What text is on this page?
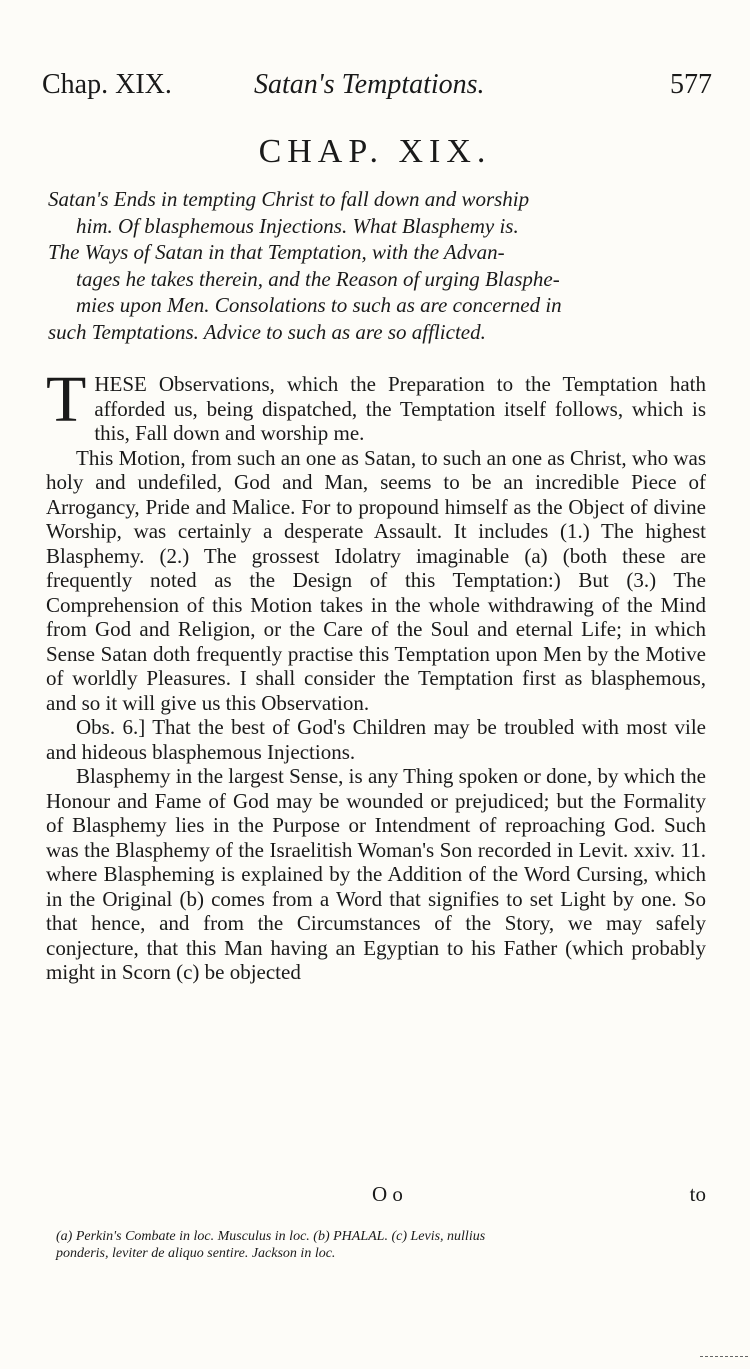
Chap. XIX.	Satan's Temptations.	577
CHAP. XIX.
Satan's Ends in tempting Christ to fall down and worship
him. Of blasphemous Injections. What Blasphemy is.
The Ways of Satan in that Temptation, with the Advan-
tages he takes therein, and the Reason of urging Blasphe-
mies upon Men. Consolations to such as are concerned in
such Temptations. Advice to such as are so afflicted.

T HESE Observations, which the Preparation to the Temptation hath afforded us, being dispatched, the Temptation itself follows, which is this, Fall down and worship me.

This Motion, from such an one as Satan, to such an one as Christ, who was holy and undefiled, God and Man, seems to be an incredible Piece of Arrogancy, Pride and Malice. For to propound himself as the Object of divine Worship, was certainly a desperate Assault. It includes (1.) The highest Blasphemy. (2.) The grossest Idolatry imaginable (a) (both these are frequently noted as the Design of this Temptation:) But (3.) The Comprehension of this Motion takes in the whole withdrawing of the Mind from God and Religion, or the Care of the Soul and eternal Life; in which Sense Satan doth frequently practise this Temptation upon Men by the Motive of worldly Pleasures. I shall consider the Temptation first as blasphemous, and so it will give us this Observation.

Obs. 6.] That the best of God's Children may be troubled with most vile and hideous blasphemous Injections.

Blasphemy in the largest Sense, is any Thing spoken or done, by which the Honour and Fame of God may be wounded or prejudiced; but the Formality of Blasphemy lies in the Purpose or Intendment of reproaching God. Such was the Blasphemy of the Israelitish Woman's Son recorded in Levit. xxiv. 11. where Blaspheming is explained by the Addition of the Word Cursing, which in the Original (b) comes from a Word that signifies to set Light by one. So that hence, and from the Circumstances of the Story, we may safely conjecture, that this Man having an Egyptian to his Father (which probably might in Scorn (c) be objected

O o	to
(a) Perkin's Combate in loc. Musculus in loc. (b) PHALAL. (c) Levis, nullius
ponderis, leviter de aliquo sentire. Jackson in loc.
